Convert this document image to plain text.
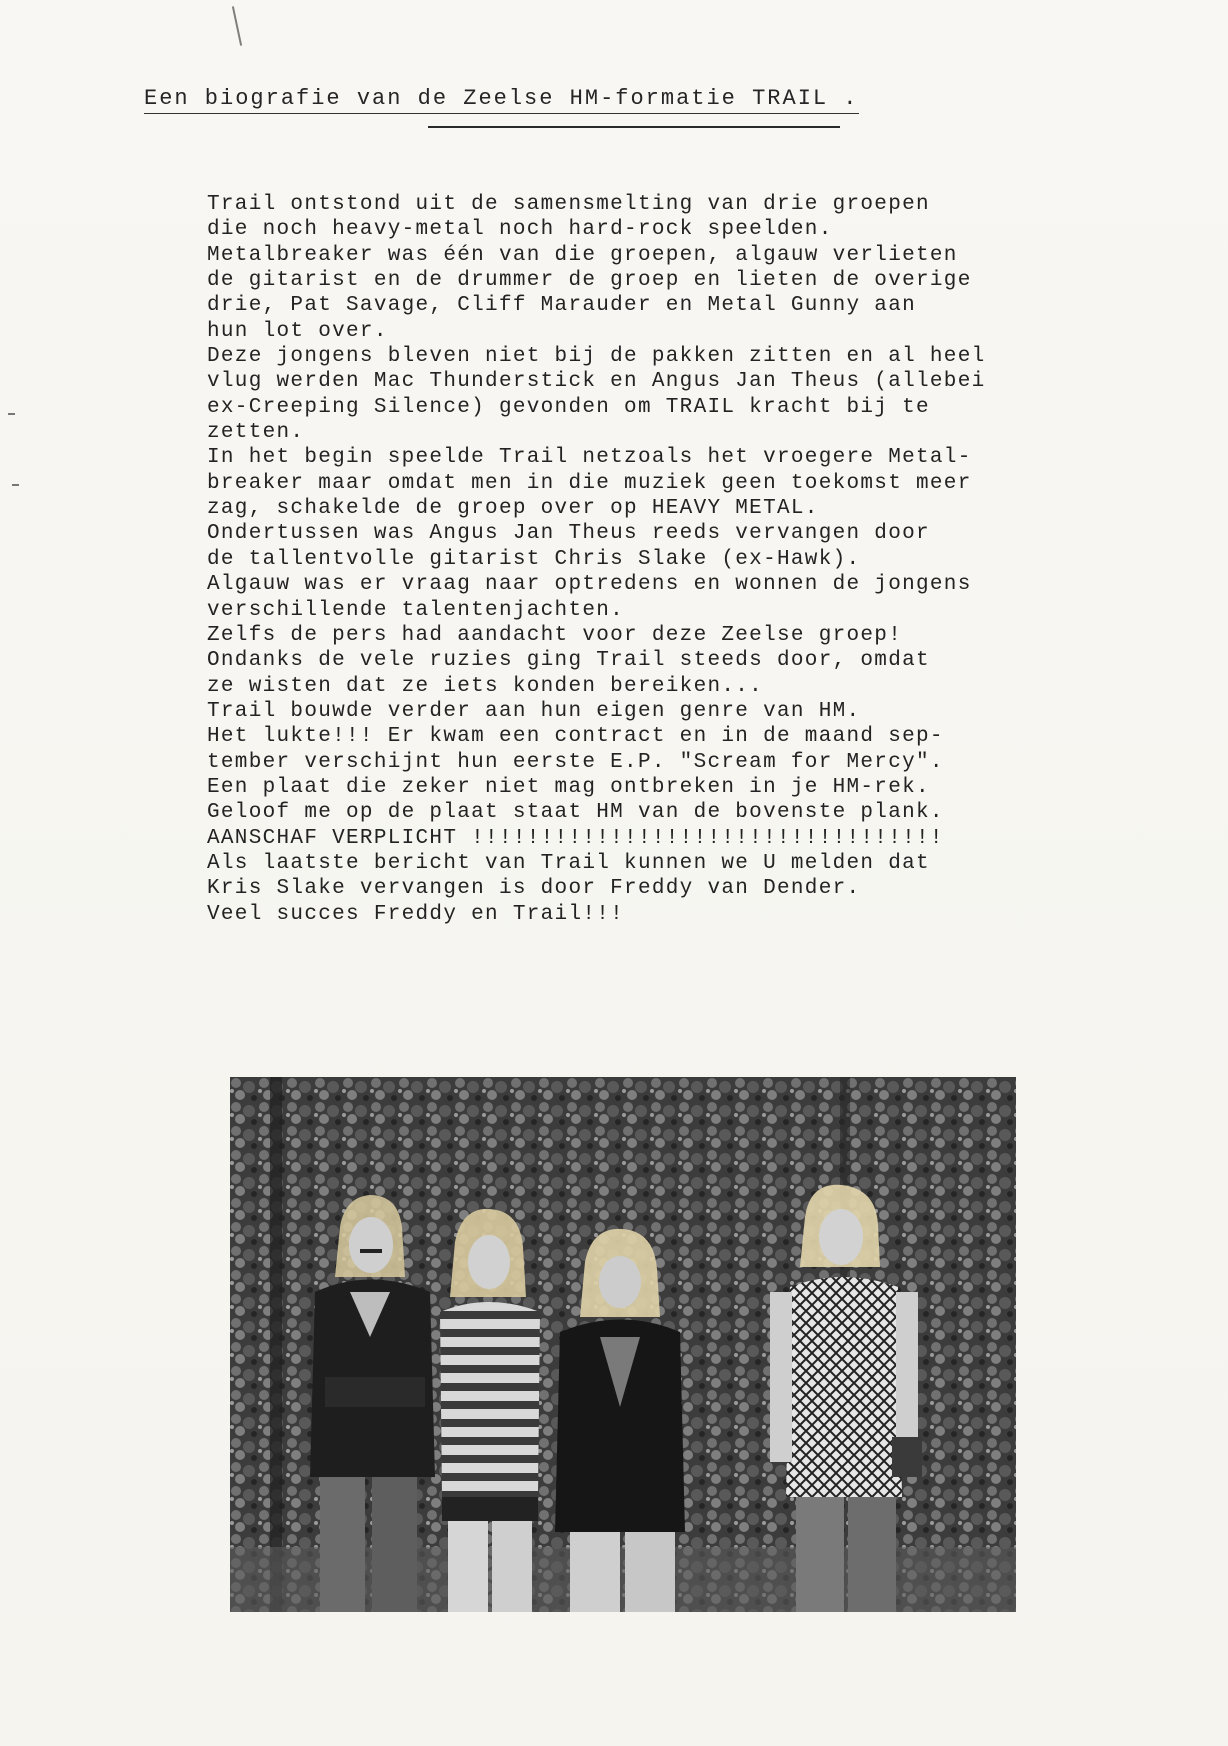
Een biografie van de Zeelse HM-formatie TRAIL .
Trail ontstond uit de samensmelting van drie groepen
die noch heavy-metal noch hard-rock speelden.
Metalbreaker was één van die groepen, algauw verlieten
de gitarist en de drummer de groep en lieten de overige
drie, Pat Savage, Cliff Marauder en Metal Gunny aan
hun lot over.
Deze jongens bleven niet bij de pakken zitten en al heel
vlug werden Mac Thunderstick en Angus Jan Theus (allebei
ex-Creeping Silence) gevonden om TRAIL kracht bij te
zetten.
In het begin speelde Trail netzoals het vroegere Metal-
breaker maar omdat men in die muziek geen toekomst meer
zag, schakelde de groep over op HEAVY METAL.
Ondertussen was Angus Jan Theus reeds vervangen door
de tallentvolle gitarist Chris Slake (ex-Hawk).
Algauw was er vraag naar optredens en wonnen de jongens
verschillende talentenjachten.
Zelfs de pers had aandacht voor deze Zeelse groep!
Ondanks de vele ruzies ging Trail steeds door, omdat
ze wisten dat ze iets konden bereiken...
Trail bouwde verder aan hun eigen genre van HM.
Het lukte!!! Er kwam een contract en in de maand sep-
tember verschijnt hun eerste E.P. "Scream for Mercy".
Een plaat die zeker niet mag ontbreken in je HM-rek.
Geloof me op de plaat staat HM van de bovenste plank.
AANSCHAF VERPLICHT !!!!!!!!!!!!!!!!!!!!!!!!!!!!!!!!!!
Als laatste bericht van Trail kunnen we U melden dat
Kris Slake vervangen is door Freddy van Dender.
Veel succes Freddy en Trail!!!
